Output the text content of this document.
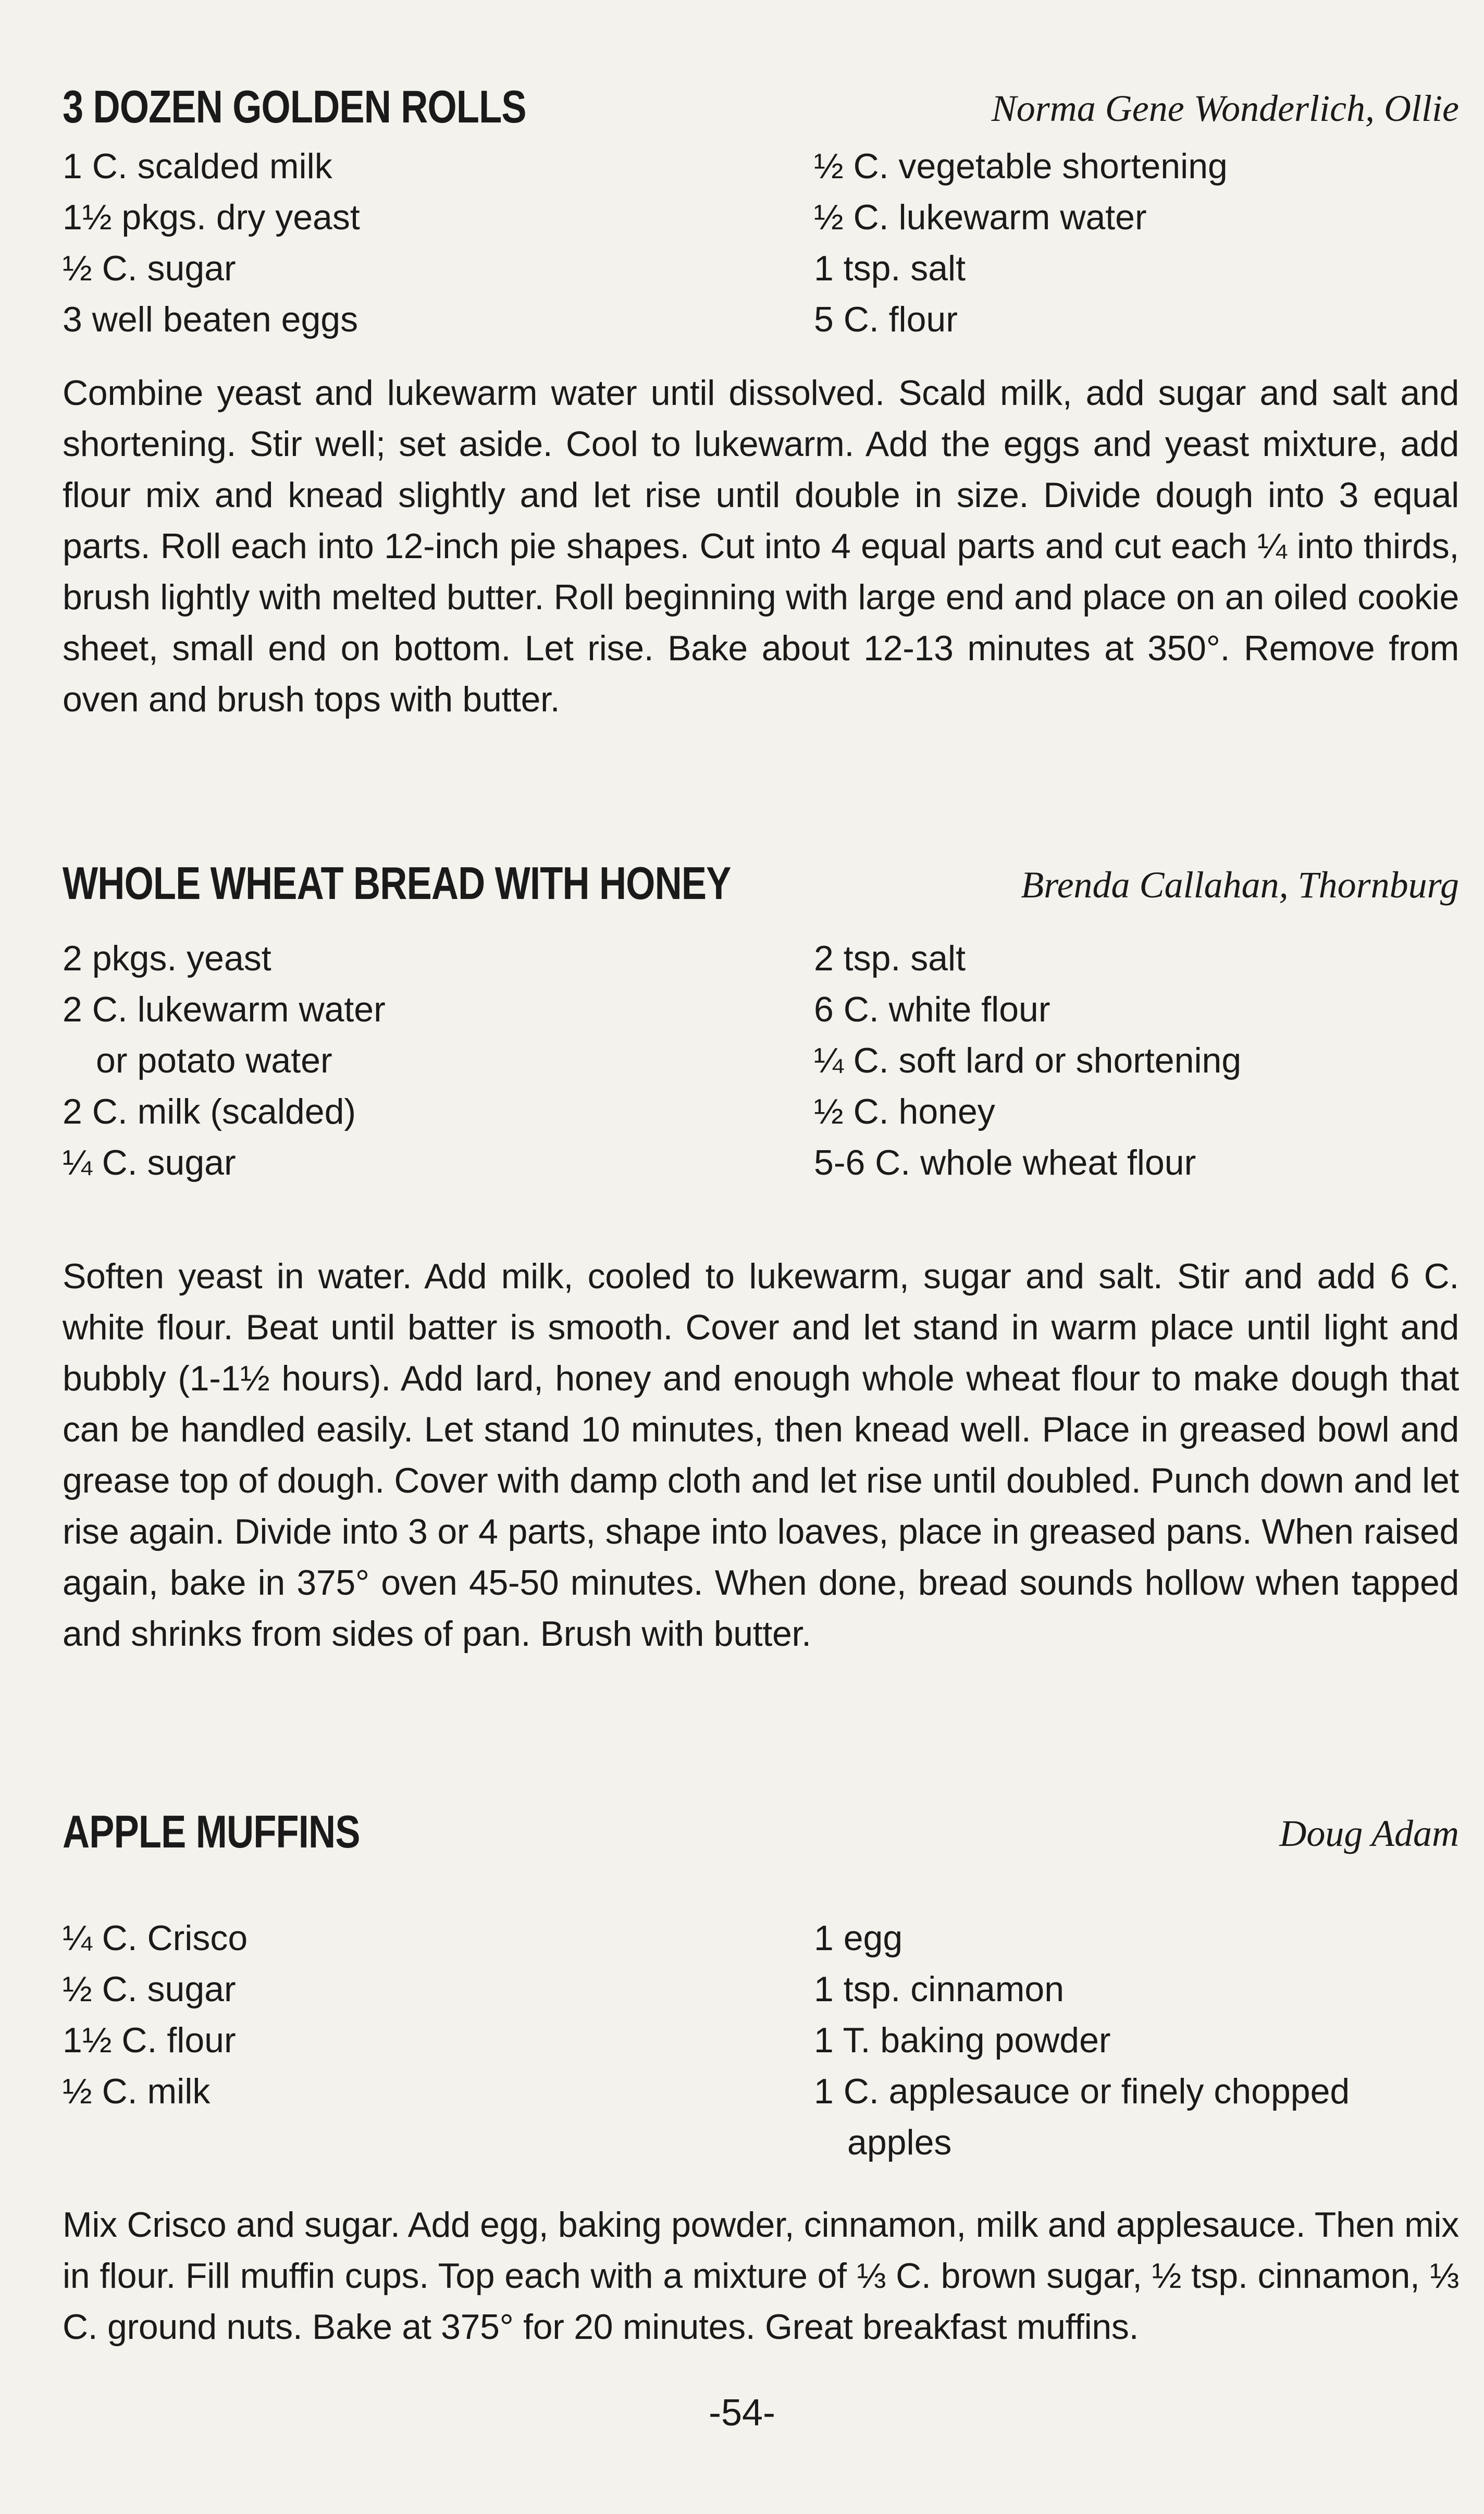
3 DOZEN GOLDEN ROLLS	Norma Gene Wonderlich, Ollie
1 C. scalded milk
1½ pkgs. dry yeast
½ C. sugar
3 well beaten eggs
½ C. vegetable shortening
½ C. lukewarm water
1 tsp. salt
5 C. flour
Combine yeast and lukewarm water until dissolved. Scald milk, add sugar and salt and shortening. Stir well; set aside. Cool to lukewarm. Add the eggs and yeast mixture, add flour mix and knead slightly and let rise until double in size. Divide dough into 3 equal parts. Roll each into 12-inch pie shapes. Cut into 4 equal parts and cut each ¼ into thirds, brush lightly with melted butter. Roll beginning with large end and place on an oiled cookie sheet, small end on bottom. Let rise. Bake about 12-13 minutes at 350°. Remove from oven and brush tops with butter.
WHOLE WHEAT BREAD WITH HONEY	Brenda Callahan, Thornburg
2 pkgs. yeast
2 C. lukewarm water
or potato water
2 C. milk (scalded)
¼ C. sugar
2 tsp. salt
6 C. white flour
¼ C. soft lard or shortening
½ C. honey
5-6 C. whole wheat flour
Soften yeast in water. Add milk, cooled to lukewarm, sugar and salt. Stir and add 6 C. white flour. Beat until batter is smooth. Cover and let stand in warm place until light and bubbly (1-1½ hours). Add lard, honey and enough whole wheat flour to make dough that can be handled easily. Let stand 10 minutes, then knead well. Place in greased bowl and grease top of dough. Cover with damp cloth and let rise until doubled. Punch down and let rise again. Divide into 3 or 4 parts, shape into loaves, place in greased pans. When raised again, bake in 375° oven 45-50 minutes. When done, bread sounds hollow when tapped and shrinks from sides of pan. Brush with butter.
APPLE MUFFINS	Doug Adam
¼ C. Crisco
½ C. sugar
1½ C. flour
½ C. milk
1 egg
1 tsp. cinnamon
1 T. baking powder
1 C. applesauce or finely chopped
apples
Mix Crisco and sugar. Add egg, baking powder, cinnamon, milk and applesauce. Then mix in flour. Fill muffin cups. Top each with a mixture of ⅓ C. brown sugar, ½ tsp. cinnamon, ⅓ C. ground nuts. Bake at 375° for 20 minutes. Great breakfast muffins.
-54-
